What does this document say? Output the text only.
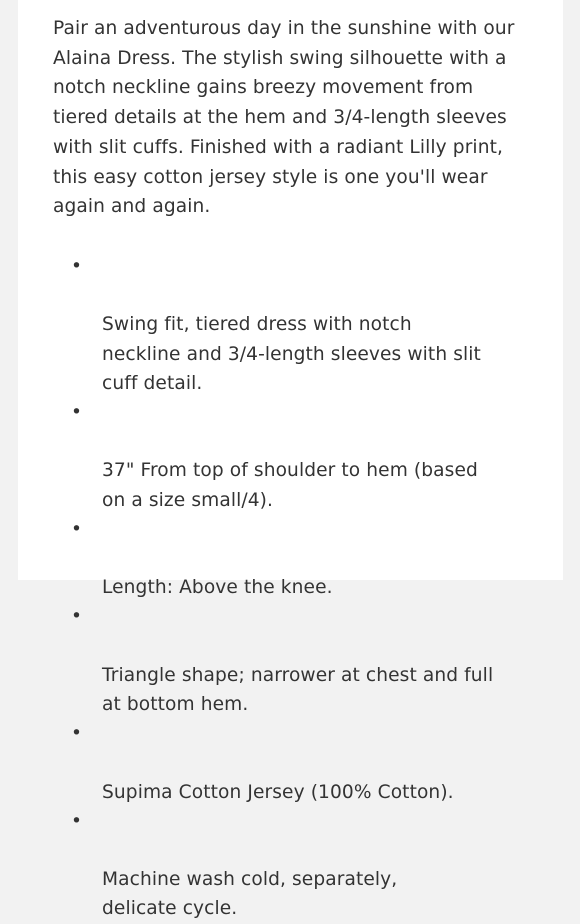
Pair an adventurous day in the sunshine with our
Alaina Dress. The stylish swing silhouette with a
notch neckline gains breezy movement from
tiered details at the hem and 3/4-length sleeves
with slit cuffs. Finished with a radiant Lilly print,
this easy cotton jersey style is one you'll wear
again and again.

•

Swing fit, tiered dress with notch
neckline and 3/4-length sleeves with slit
cuff detail.

•

37" From top of shoulder to hem (based
on a size small/4).

•

Length: Above the knee.

•

Triangle shape; narrower at chest and full
at bottom hem.

•

Supima Cotton Jersey (100% Cotton).

•

Machine wash cold, separately,
delicate cycle.
